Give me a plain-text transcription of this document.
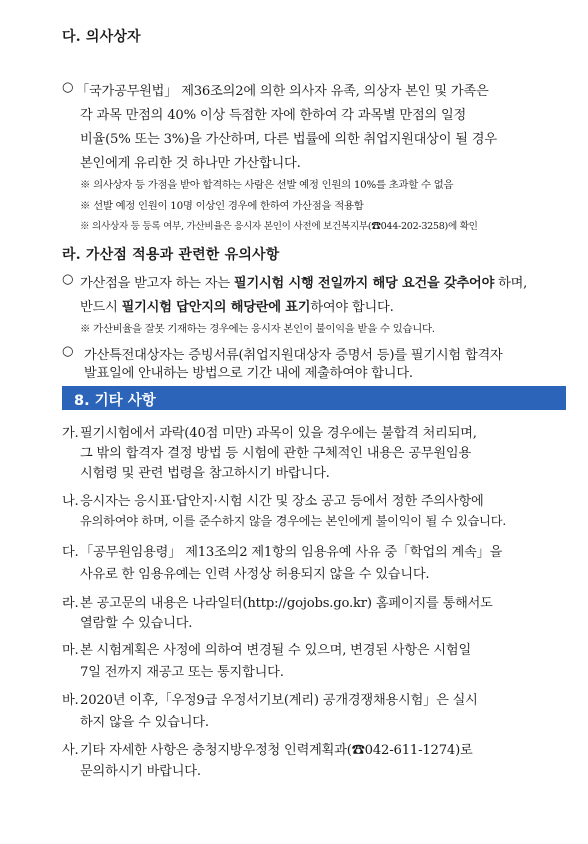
다. 의사상자
○ 「국가공무원법」 제36조의2에 의한 의사자 유족, 의상자 본인 및 가족은
각 과목 만점의 40% 이상 득점한 자에 한하여 각 과목별 만점의 일정
비율(5% 또는 3%)을 가산하며, 다른 법률에 의한 취업지원대상이 될 경우
본인에게 유리한 것 하나만 가산합니다.
※ 의사상자 등 가점을 받아 합격하는 사람은 선발 예정 인원의 10%를 초과할 수 없음
※ 선발 예정 인원이 10명 이상인 경우에 한하여 가산점을 적용함
※ 의사상자 등 등록 여부, 가산비율은 응시자 본인이 사전에 보건복지부(☎044-202-3258)에 확인
라. 가산점 적용과 관련한 유의사항
○ 가산점을 받고자 하는 자는 필기시험 시행 전일까지 해당 요건을 갖추어야 하며,
반드시 필기시험 답안지의 해당란에 표기하여야 합니다.
※ 가산비율을 잘못 기재하는 경우에는 응시자 본인이 불이익을 받을 수 있습니다.
○ 가산특전대상자는 증빙서류(취업지원대상자 증명서 등)를 필기시험 합격자
발표일에 안내하는 방법으로 기간 내에 제출하여야 합니다.
8. 기타 사항
가. 필기시험에서 과락(40점 미만) 과목이 있을 경우에는 불합격 처리되며,
그 밖의 합격자 결정 방법 등 시험에 관한 구체적인 내용은 공무원임용
시험령 및 관련 법령을 참고하시기 바랍니다.
나. 응시자는 응시표·답안지·시험 시간 및 장소 공고 등에서 정한 주의사항에
유의하여야 하며, 이를 준수하지 않을 경우에는 본인에게 불이익이 될 수 있습니다.
다. 「공무원임용령」 제13조의2 제1항의 임용유예 사유 중「학업의 계속」을
사유로 한 임용유예는 인력 사정상 허용되지 않을 수 있습니다.
라. 본 공고문의 내용은 나라일터(http://gojobs.go.kr) 홈페이지를 통해서도
열람할 수 있습니다.
마. 본 시험계획은 사정에 의하여 변경될 수 있으며, 변경된 사항은 시험일
7일 전까지 재공고 또는 통지합니다.
바. 2020년 이후,「우정9급 우정서기보(계리) 공개경쟁채용시험」은 실시
하지 않을 수 있습니다.
사. 기타 자세한 사항은 충청지방우정청 인력계획과(☎042-611-1274)로
문의하시기 바랍니다.
